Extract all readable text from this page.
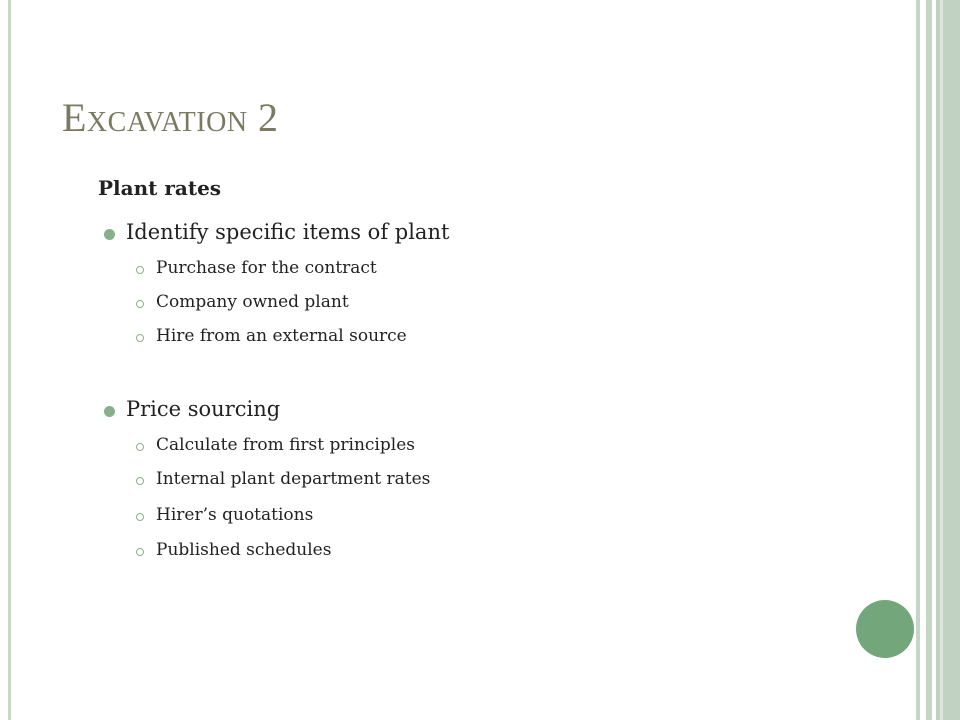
Excavation 2
Plant rates
Identify specific items of plant
Purchase for the contract
Company owned plant
Hire from an external source
Price sourcing
Calculate from first principles
Internal plant department rates
Hirer’s quotations
Published schedules
